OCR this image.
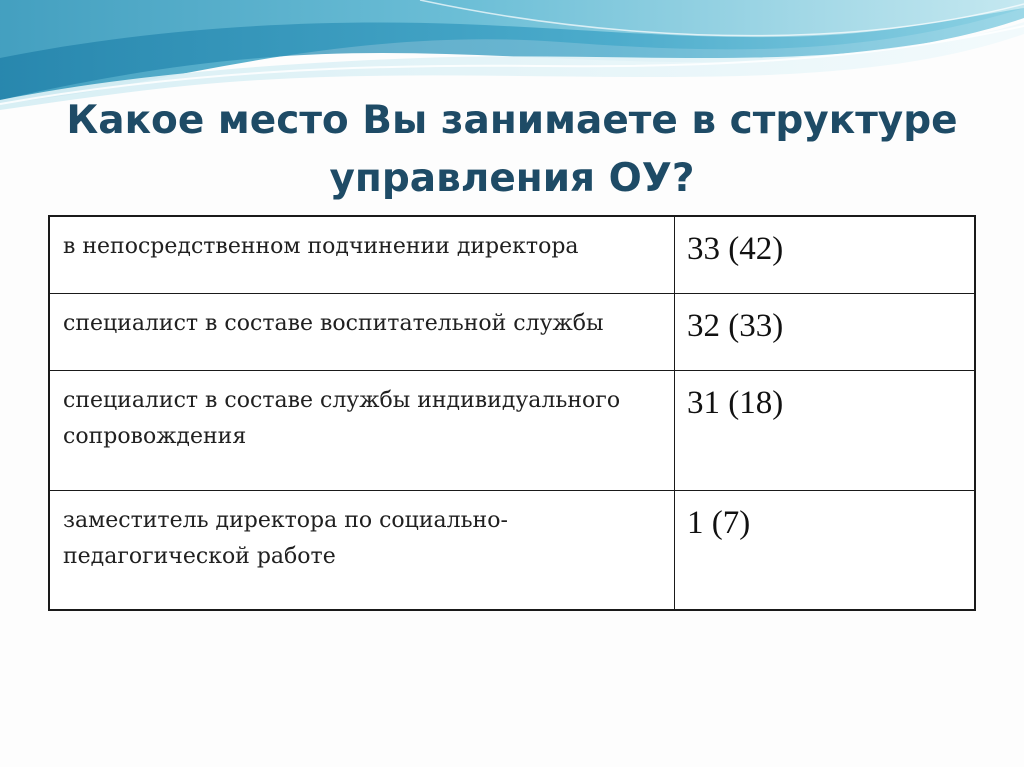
Какое место Вы занимаете в структуре
управления ОУ?
в непосредственном подчинении директора	33 (42)

специалист в составе воспитательной службы	32 (33)

специалист в составе службы индивидуального сопровождения	31 (18)

заместитель директора по социально-педагогической работе	1 (7)
